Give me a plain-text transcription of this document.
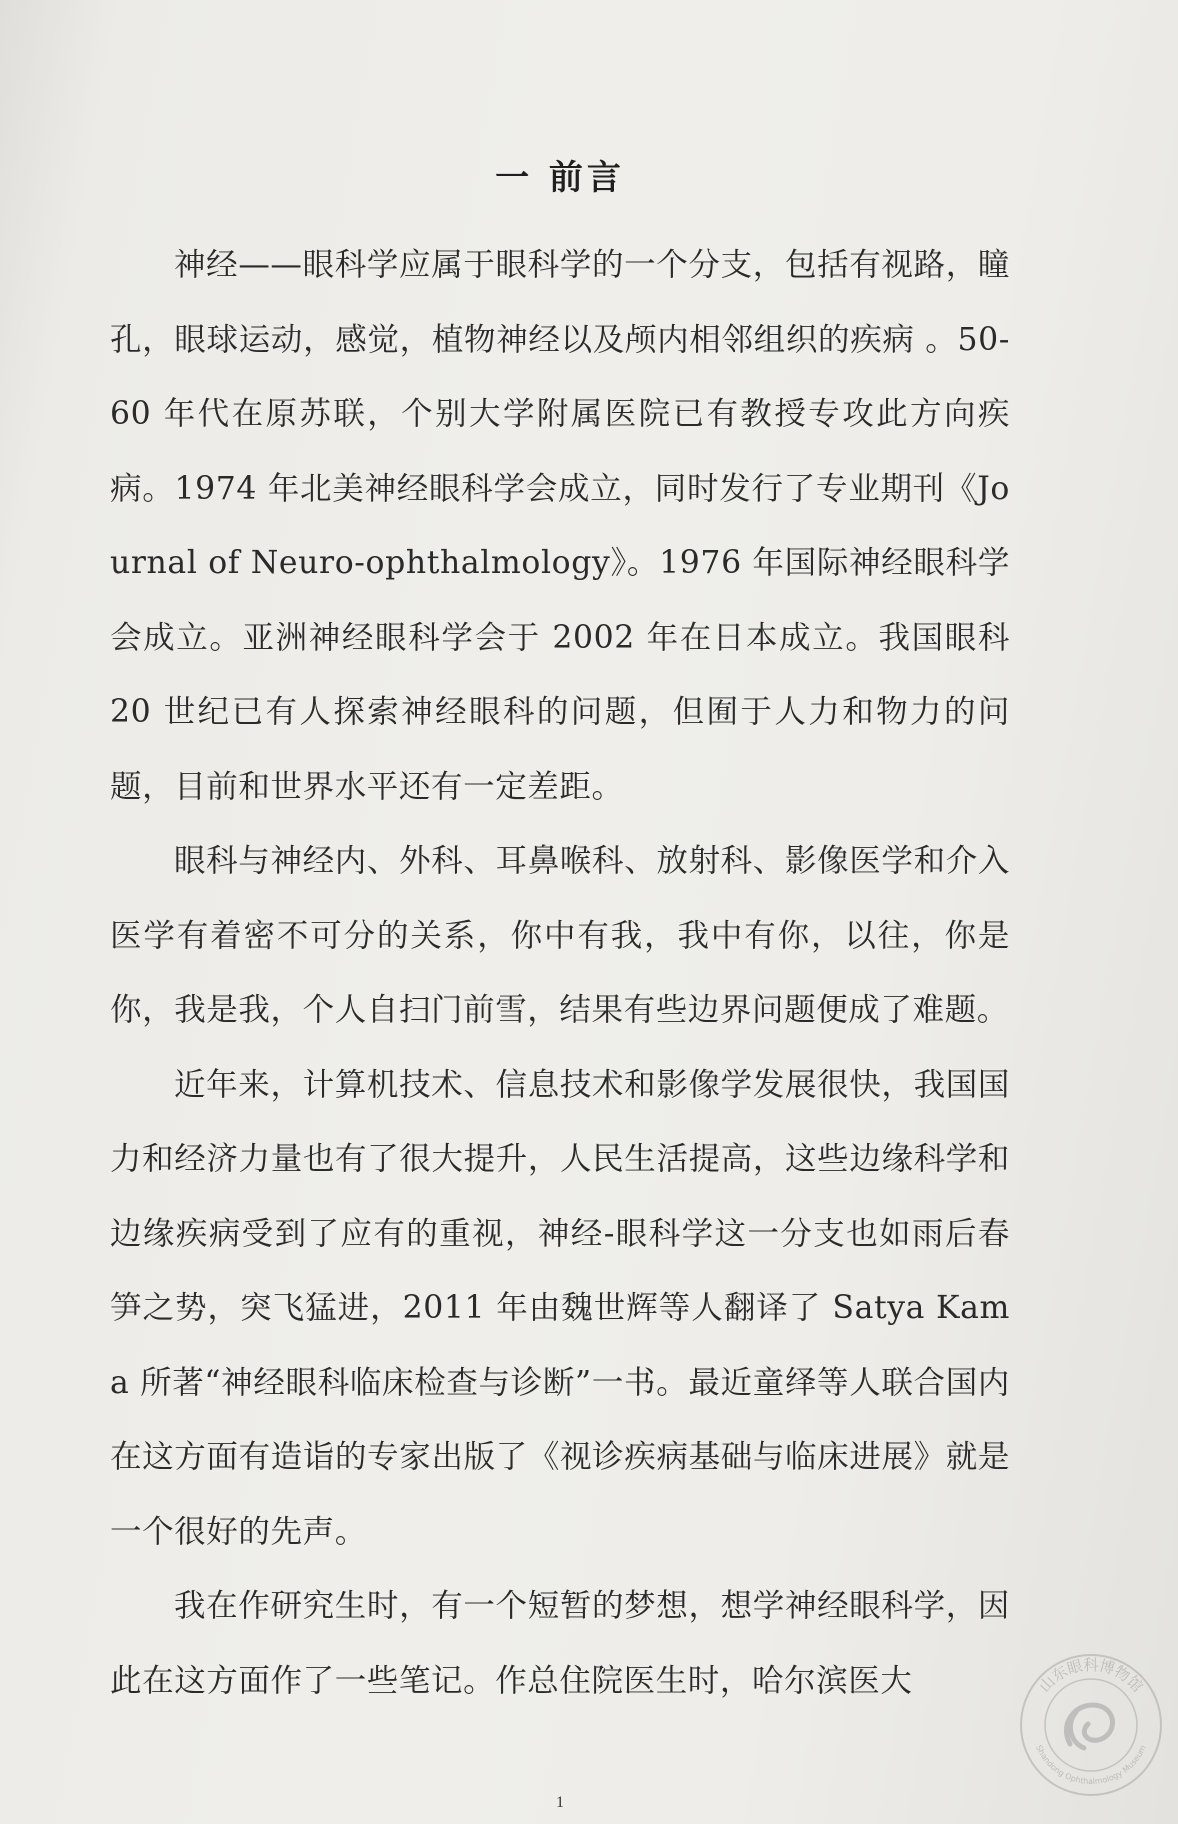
一 前言

神经——眼科学应属于眼科学的一个分支，包括有视路，瞳孔，眼球运动，感觉，植物神经以及颅内相邻组织的疾病 。50-60 年代在原苏联，个别大学附属医院已有教授专攻此方向疾病。1974 年北美神经眼科学会成立，同时发行了专业期刊《Journal of Neuro-ophthalmology》。1976 年国际神经眼科学会成立。亚洲神经眼科学会于 2002 年在日本成立。我国眼科 20 世纪已有人探索神经眼科的问题，但囿于人力和物力的问题，目前和世界水平还有一定差距。

眼科与神经内、外科、耳鼻喉科、放射科、影像医学和介入医学有着密不可分的关系，你中有我，我中有你，以往，你是你，我是我，个人自扫门前雪，结果有些边界问题便成了难题。

近年来，计算机技术、信息技术和影像学发展很快，我国国力和经济力量也有了很大提升，人民生活提高，这些边缘科学和边缘疾病受到了应有的重视，神经-眼科学这一分支也如雨后春笋之势，突飞猛进，2011 年由魏世辉等人翻译了 Satya Kama 所著“神经眼科临床检查与诊断”一书。最近童绎等人联合国内在这方面有造诣的专家出版了《视诊疾病基础与临床进展》就是一个很好的先声。

我在作研究生时，有一个短暂的梦想，想学神经眼科学，因此在这方面作了一些笔记。作总住院医生时，哈尔滨医大

1
山东眼科博物馆
Shandong Ophthalmology Museum
